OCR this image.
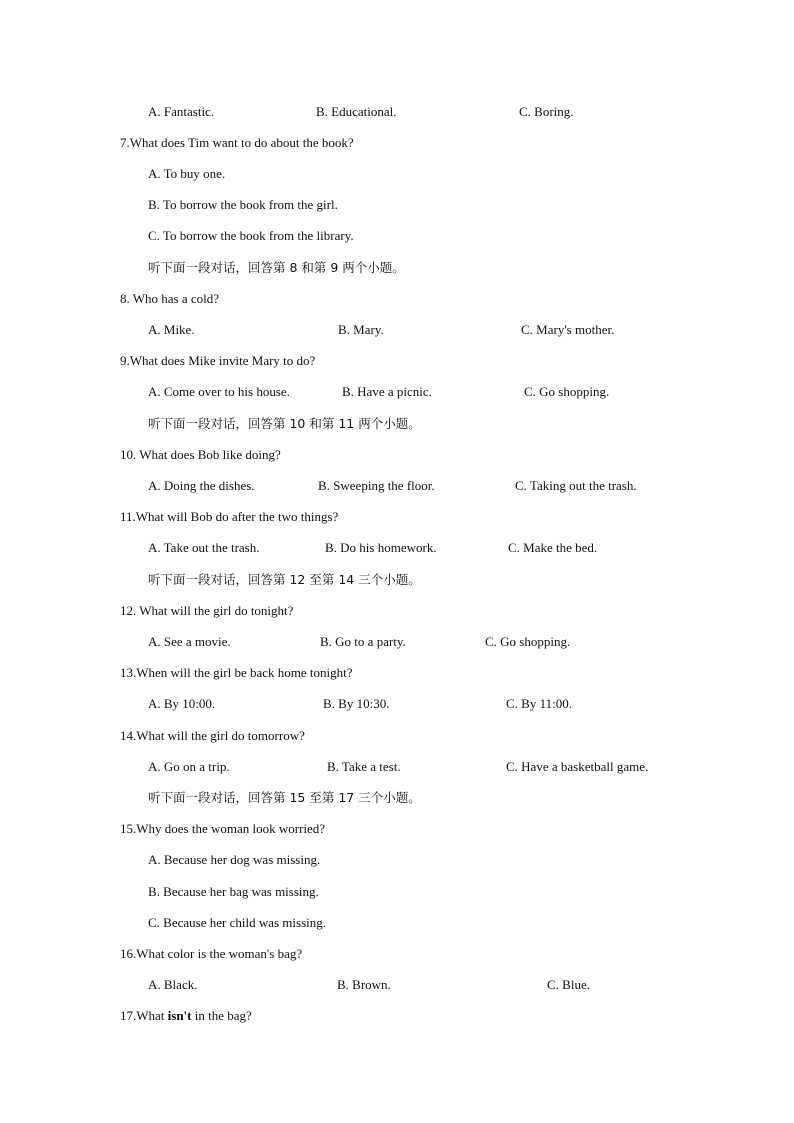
A. Fantastic.	B. Educational.	C. Boring.
7.What does Tim want to do about the book?
A. To buy one.
B. To borrow the book from the girl.
C. To borrow the book from the library.
听下面一段对话，回答第 8 和第 9 两个小题。
8. Who has a cold?
A. Mike.	B. Mary.	C. Mary's mother.
9.What does Mike invite Mary to do?
A. Come over to his house.	B. Have a picnic.	C. Go shopping.
听下面一段对话，回答第 10 和第 11 两个小题。
10. What does Bob like doing?
A. Doing the dishes.	B. Sweeping the floor.	C. Taking out the trash.
11.What will Bob do after the two things?
A. Take out the trash.	B. Do his homework.	C. Make the bed.
听下面一段对话，回答第 12 至第 14 三个小题。
12. What will the girl do tonight?
A. See a movie.	B. Go to a party.	C. Go shopping.
13.When will the girl be back home tonight?
A. By 10:00.	B. By 10:30.	C. By 11:00.
14.What will the girl do tomorrow?
A. Go on a trip.	B. Take a test.	C. Have a basketball game.
听下面一段对话，回答第 15 至第 17 三个小题。
15.Why does the woman look worried?
A. Because her dog was missing.
B. Because her bag was missing.
C. Because her child was missing.
16.What color is the woman's bag?
A. Black.	B. Brown.	C. Blue.
17.What isn't in the bag?
